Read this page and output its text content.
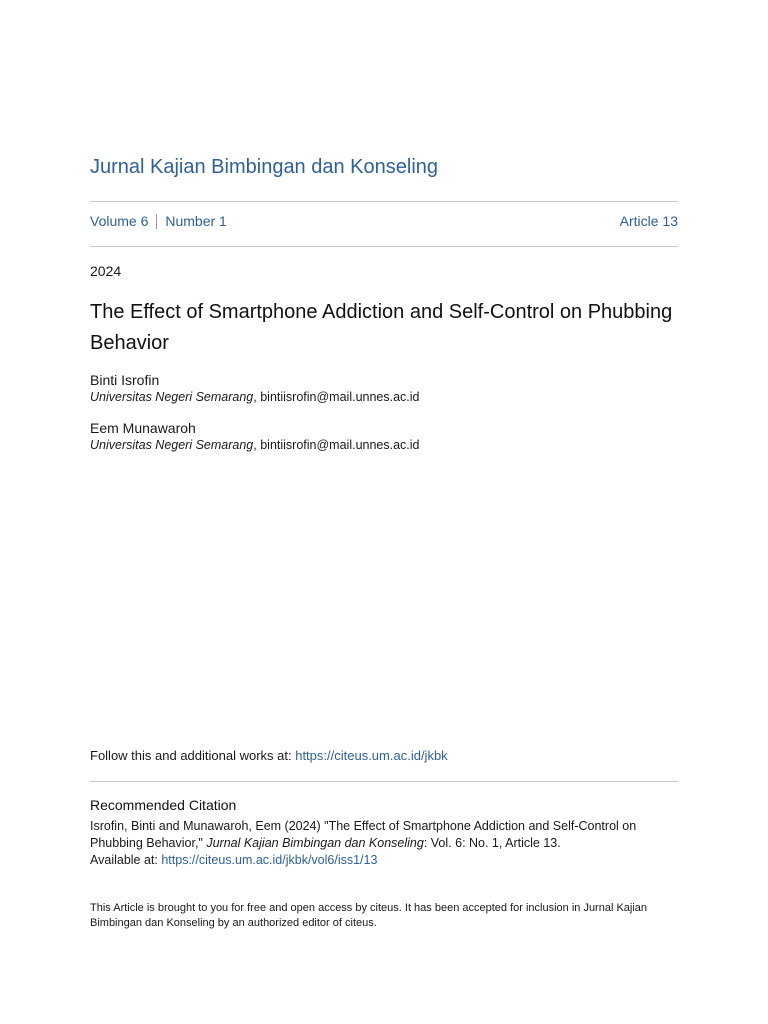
Jurnal Kajian Bimbingan dan Konseling
Volume 6 Number 1	Article 13
2024
The Effect of Smartphone Addiction and Self-Control on Phubbing Behavior
Binti Isrofin
Universitas Negeri Semarang, bintiisrofin@mail.unnes.ac.id
Eem Munawaroh
Universitas Negeri Semarang, bintiisrofin@mail.unnes.ac.id
Follow this and additional works at: https://citeus.um.ac.id/jkbk
Recommended Citation
Isrofin, Binti and Munawaroh, Eem (2024) "The Effect of Smartphone Addiction and Self-Control on
Phubbing Behavior," Jurnal Kajian Bimbingan dan Konseling: Vol. 6: No. 1, Article 13.
Available at: https://citeus.um.ac.id/jkbk/vol6/iss1/13
This Article is brought to you for free and open access by citeus. It has been accepted for inclusion in Jurnal Kajian
Bimbingan dan Konseling by an authorized editor of citeus.
